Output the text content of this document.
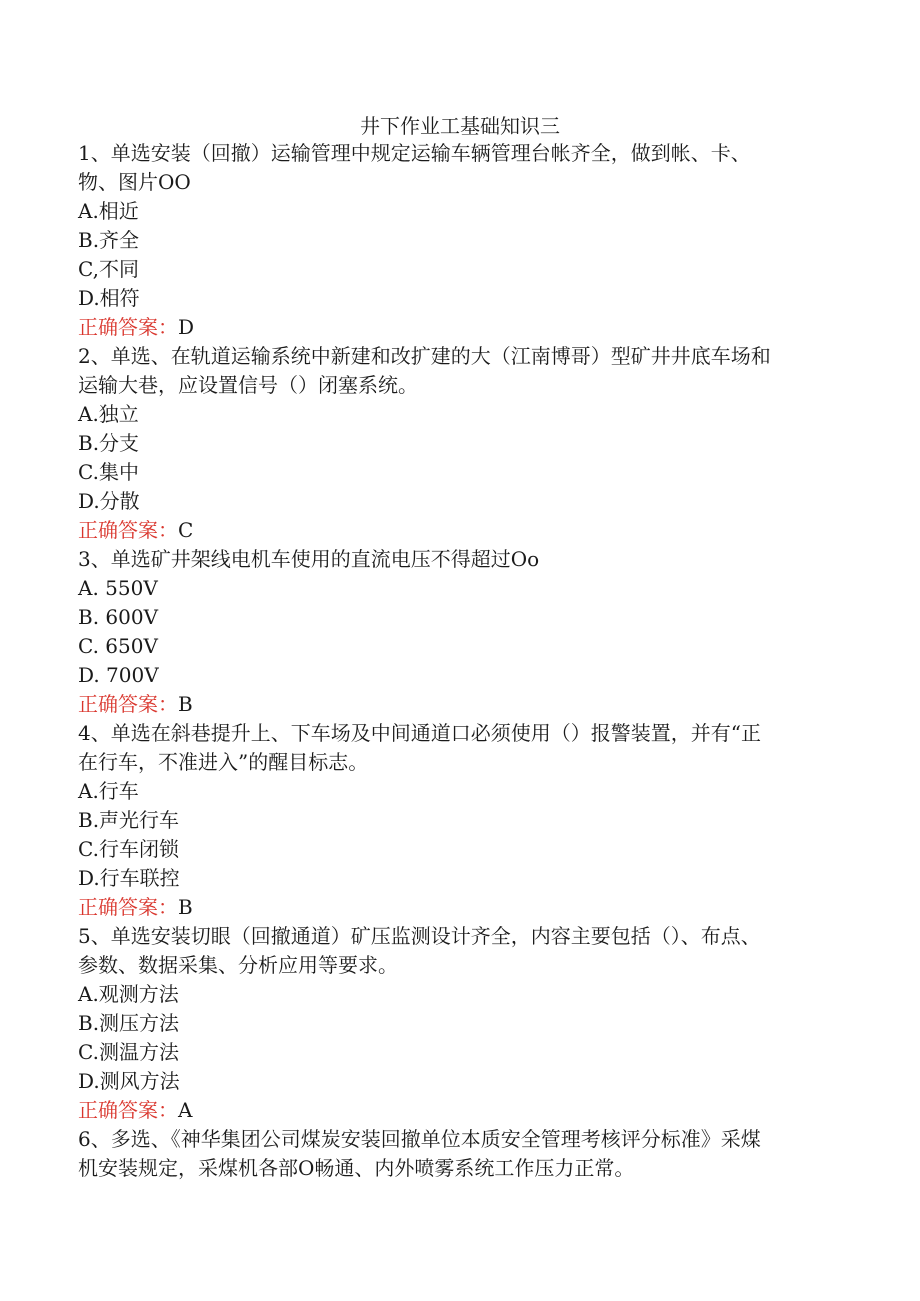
井下作业工基础知识三
1、单选安装（回撤）运输管理中规定运输车辆管理台帐齐全，做到帐、卡、
物、图片OO
A.相近
B.齐全
C,不同
D.相符
正确答案：D
2、单选、在轨道运输系统中新建和改扩建的大（江南博哥）型矿井井底车场和
运输大巷，应设置信号（）闭塞系统。
A.独立
B.分支
C.集中
D.分散
正确答案：C
3、单选矿井架线电机车使用的直流电压不得超过Oo
A. 550V
B. 600V
C. 650V
D. 700V
正确答案：B
4、单选在斜巷提升上、下车场及中间通道口必须使用（）报警装置，并有“正
在行车，不准进入”的醒目标志。
A.行车
B.声光行车
C.行车闭锁
D.行车联控
正确答案：B
5、单选安装切眼（回撤通道）矿压监测设计齐全，内容主要包括（）、布点、
参数、数据采集、分析应用等要求。
A.观测方法
B.测压方法
C.测温方法
D.测风方法
正确答案：A
6、多选、《神华集团公司煤炭安装回撤单位本质安全管理考核评分标准》采煤
机安装规定，采煤机各部O畅通、内外喷雾系统工作压力正常。
